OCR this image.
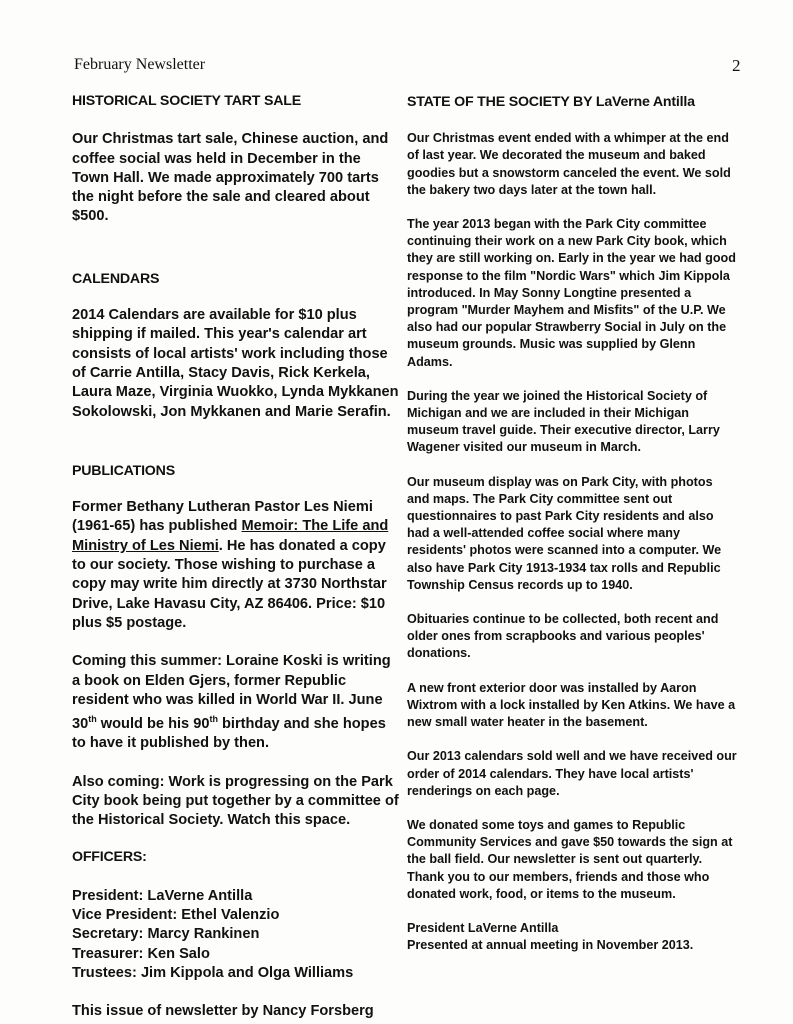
February Newsletter	2
HISTORICAL SOCIETY TART SALE

Our Christmas tart sale, Chinese auction, and coffee social was held in December in the Town Hall. We made approximately 700 tarts the night before the sale and cleared about $500.

CALENDARS

2014 Calendars are available for $10 plus shipping if mailed. This year's calendar art consists of local artists' work including those of Carrie Antilla, Stacy Davis, Rick Kerkela, Laura Maze, Virginia Wuokko, Lynda Mykkanen Sokolowski, Jon Mykkanen and Marie Serafin.

PUBLICATIONS

Former Bethany Lutheran Pastor Les Niemi (1961-65) has published Memoir: The Life and Ministry of Les Niemi. He has donated a copy to our society. Those wishing to purchase a copy may write him directly at 3730 Northstar Drive, Lake Havasu City, AZ 86406. Price: $10 plus $5 postage.

Coming this summer: Loraine Koski is writing a book on Elden Gjers, former Republic resident who was killed in World War II. June 30th would be his 90th birthday and she hopes to have it published by then.

Also coming: Work is progressing on the Park City book being put together by a committee of the Historical Society. Watch this space.

OFFICERS:

President: LaVerne Antilla

Vice President: Ethel Valenzio

Secretary: Marcy Rankinen

Treasurer: Ken Salo

Trustees: Jim Kippola and Olga Williams

This issue of newsletter by Nancy Forsberg

STATE OF THE SOCIETY BY LaVerne Antilla

Our Christmas event ended with a whimper at the end of last year. We decorated the museum and baked goodies but a snowstorm canceled the event. We sold the bakery two days later at the town hall.

The year 2013 began with the Park City committee continuing their work on a new Park City book, which they are still working on. Early in the year we had good response to the film "Nordic Wars" which Jim Kippola introduced. In May Sonny Longtine presented a program "Murder Mayhem and Misfits" of the U.P. We also had our popular Strawberry Social in July on the museum grounds. Music was supplied by Glenn Adams.

During the year we joined the Historical Society of Michigan and we are included in their Michigan museum travel guide. Their executive director, Larry Wagener visited our museum in March.

Our museum display was on Park City, with photos and maps. The Park City committee sent out questionnaires to past Park City residents and also had a well-attended coffee social where many residents' photos were scanned into a computer. We also have Park City 1913-1934 tax rolls and Republic Township Census records up to 1940.

Obituaries continue to be collected, both recent and older ones from scrapbooks and various peoples' donations.

A new front exterior door was installed by Aaron Wixtrom with a lock installed by Ken Atkins. We have a new small water heater in the basement.

Our 2013 calendars sold well and we have received our order of 2014 calendars. They have local artists' renderings on each page.

We donated some toys and games to Republic Community Services and gave $50 towards the sign at the ball field. Our newsletter is sent out quarterly. Thank you to our members, friends and those who donated work, food, or items to the museum.

President LaVerne Antilla

Presented at annual meeting in November 2013.
